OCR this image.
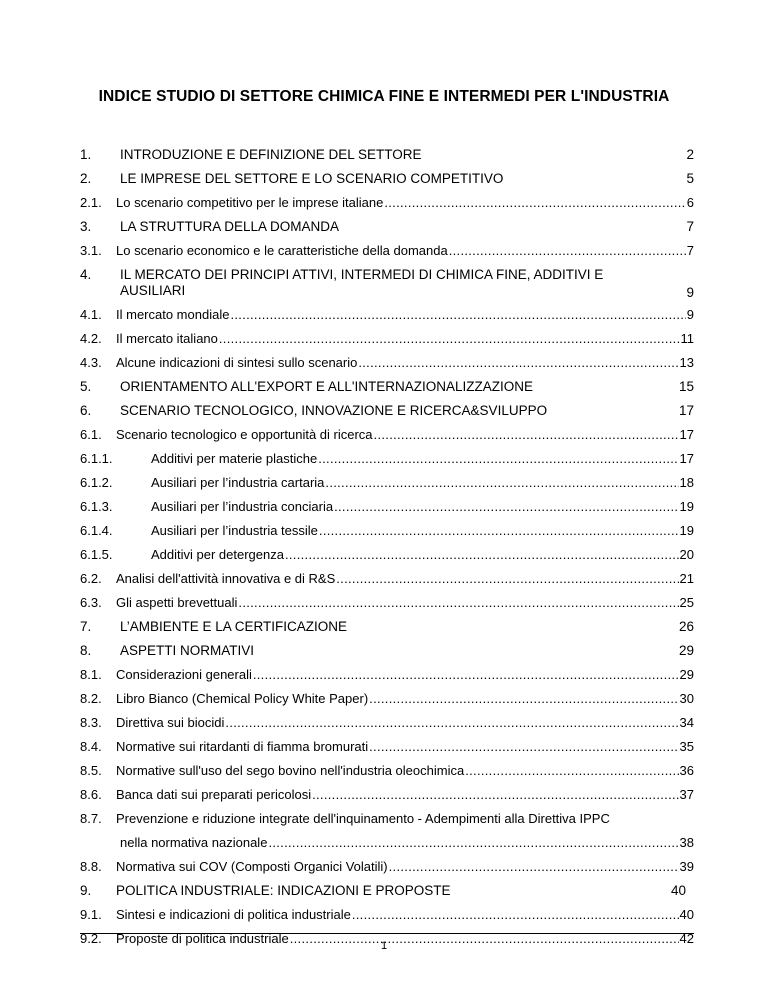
INDICE STUDIO DI SETTORE CHIMICA FINE E INTERMEDI PER L'INDUSTRIA
1. INTRODUZIONE E DEFINIZIONE DEL SETTORE	2
2. LE IMPRESE DEL SETTORE E LO SCENARIO COMPETITIVO	5
2.1. Lo scenario competitivo per le imprese italiane .....	6
3. LA STRUTTURA DELLA DOMANDA	7
3.1. Lo scenario economico e le caratteristiche della domanda .....	7
4. IL MERCATO DEI PRINCIPI ATTIVI, INTERMEDI DI CHIMICA FINE, ADDITIVI E
AUSILIARI	9
4.1. Il mercato mondiale .....	9
4.2. Il mercato italiano .....	11
4.3. Alcune indicazioni di sintesi sullo scenario .....	13
5. ORIENTAMENTO ALL'EXPORT E ALL'INTERNAZIONALIZZAZIONE	15
6. SCENARIO TECNOLOGICO, INNOVAZIONE E RICERCA&SVILUPPO	17
6.1. Scenario tecnologico e opportunità di ricerca .....	17
6.1.1.	Additivi per materie plastiche .....	17
6.1.2.	Ausiliari per l’industria cartaria .....	18
6.1.3.	Ausiliari per l’industria conciaria .....	19
6.1.4.	Ausiliari per l’industria tessile .....	19
6.1.5.	Additivi per detergenza .....	20
6.2. Analisi dell'attività innovativa e di R&S .....	21
6.3. Gli aspetti brevettuali .....	25
7. L’AMBIENTE E LA CERTIFICAZIONE	26
8. ASPETTI NORMATIVI	29
8.1. Considerazioni generali .....	29
8.2. Libro Bianco (Chemical Policy White Paper) .....	30
8.3. Direttiva sui biocidi .....	34
8.4. Normative sui ritardanti di fiamma bromurati .....	35
8.5. Normative sull'uso del sego bovino nell'industria oleochimica .....	36
8.6. Banca dati sui preparati pericolosi .....	37
8.7. Prevenzione e riduzione integrate dell'inquinamento - Adempimenti alla Direttiva IPPC
nella normativa nazionale .....	38
8.8. Normativa sui COV (Composti Organici Volatili) .....	39
9. POLITICA INDUSTRIALE: INDICAZIONI E PROPOSTE	40
9.1. Sintesi e indicazioni di politica industriale .....	40
9.2. Proposte di politica industriale .....	42
1
